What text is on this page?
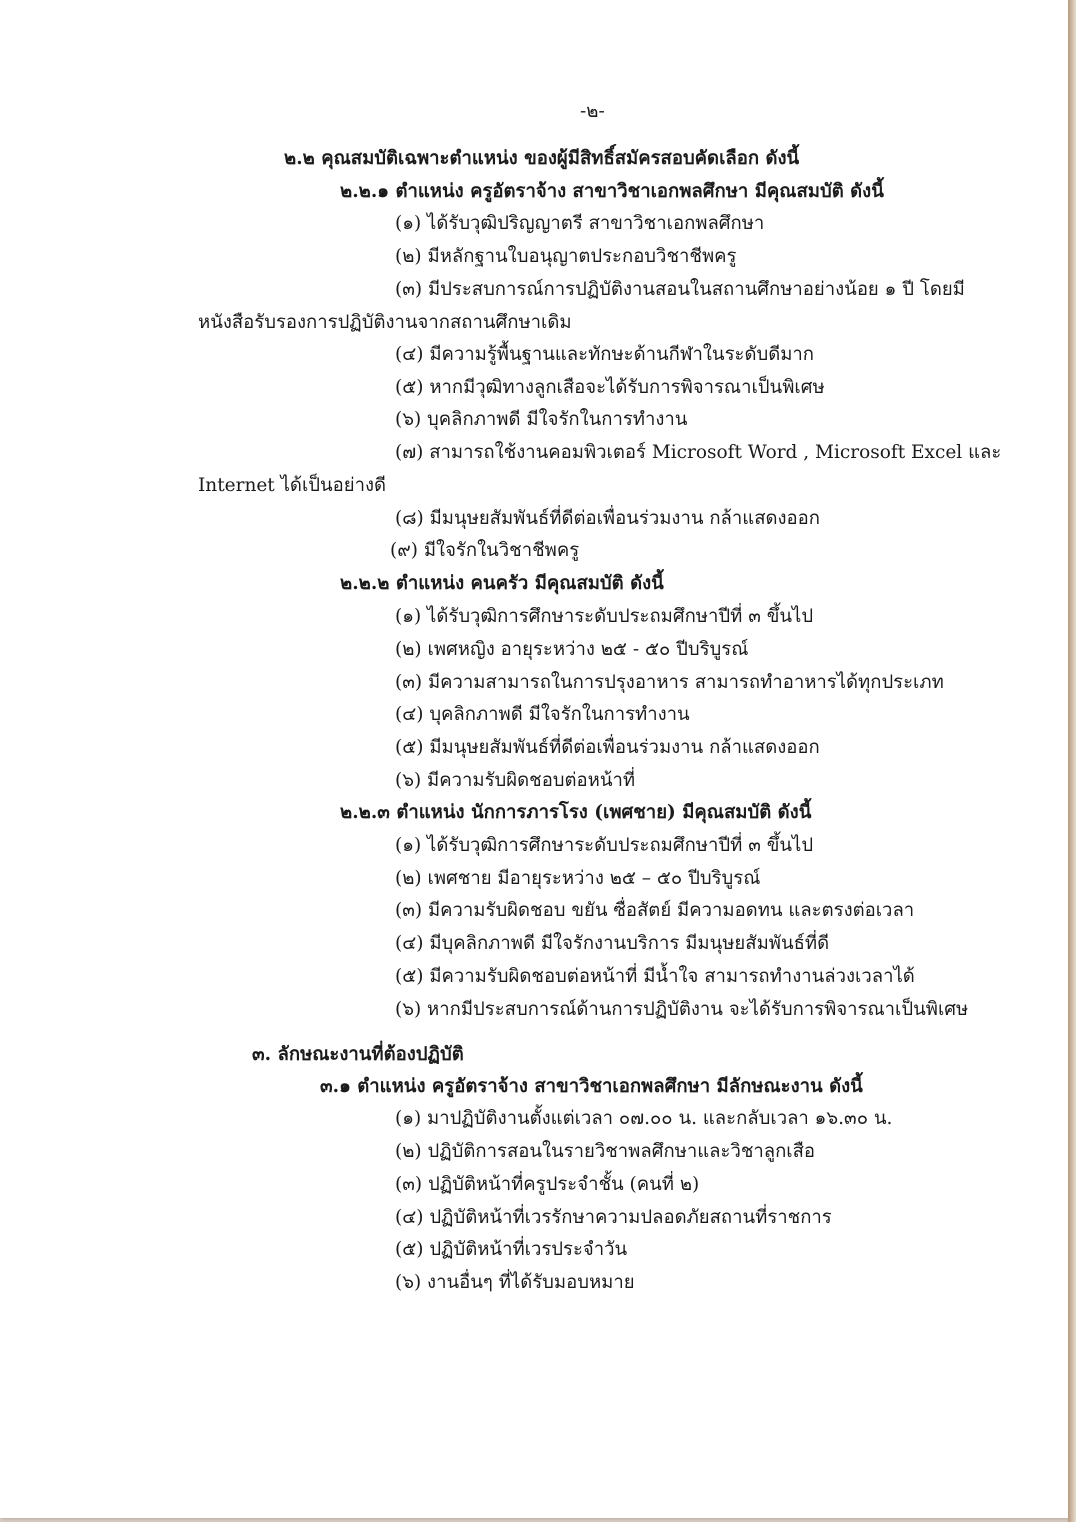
-๒-
๒.๒ คุณสมบัติเฉพาะตำแหน่ง ของผู้มีสิทธิ์สมัครสอบคัดเลือก ดังนี้
๒.๒.๑ ตำแหน่ง ครูอัตราจ้าง สาขาวิชาเอกพลศึกษา มีคุณสมบัติ ดังนี้
(๑) ได้รับวุฒิปริญญาตรี สาขาวิชาเอกพลศึกษา
(๒) มีหลักฐานใบอนุญาตประกอบวิชาชีพครู
(๓) มีประสบการณ์การปฏิบัติงานสอนในสถานศึกษาอย่างน้อย ๑ ปี โดยมี
หนังสือรับรองการปฏิบัติงานจากสถานศึกษาเดิม
(๔) มีความรู้พื้นฐานและทักษะด้านกีฬาในระดับดีมาก
(๕) หากมีวุฒิทางลูกเสือจะได้รับการพิจารณาเป็นพิเศษ
(๖) บุคลิกภาพดี มีใจรักในการทำงาน
(๗) สามารถใช้งานคอมพิวเตอร์ Microsoft Word , Microsoft Excel และ
Internet ได้เป็นอย่างดี
(๘) มีมนุษยสัมพันธ์ที่ดีต่อเพื่อนร่วมงาน กล้าแสดงออก
(๙) มีใจรักในวิชาชีพครู
๒.๒.๒ ตำแหน่ง คนครัว มีคุณสมบัติ ดังนี้
(๑) ได้รับวุฒิการศึกษาระดับประถมศึกษาปีที่ ๓ ขึ้นไป
(๒) เพศหญิง อายุระหว่าง ๒๕ - ๕๐ ปีบริบูรณ์
(๓) มีความสามารถในการปรุงอาหาร สามารถทำอาหารได้ทุกประเภท
(๔) บุคลิกภาพดี มีใจรักในการทำงาน
(๕) มีมนุษยสัมพันธ์ที่ดีต่อเพื่อนร่วมงาน กล้าแสดงออก
(๖) มีความรับผิดชอบต่อหน้าที่
๒.๒.๓ ตำแหน่ง นักการภารโรง (เพศชาย) มีคุณสมบัติ ดังนี้
(๑) ได้รับวุฒิการศึกษาระดับประถมศึกษาปีที่ ๓ ขึ้นไป
(๒) เพศชาย มีอายุระหว่าง ๒๕ – ๕๐ ปีบริบูรณ์
(๓) มีความรับผิดชอบ ขยัน ซื่อสัตย์ มีความอดทน และตรงต่อเวลา
(๔) มีบุคลิกภาพดี มีใจรักงานบริการ มีมนุษยสัมพันธ์ที่ดี
(๕) มีความรับผิดชอบต่อหน้าที่ มีน้ำใจ สามารถทำงานล่วงเวลาได้
(๖) หากมีประสบการณ์ด้านการปฏิบัติงาน จะได้รับการพิจารณาเป็นพิเศษ
๓. ลักษณะงานที่ต้องปฏิบัติ
๓.๑ ตำแหน่ง ครูอัตราจ้าง สาขาวิชาเอกพลศึกษา มีลักษณะงาน ดังนี้
(๑) มาปฏิบัติงานตั้งแต่เวลา ๐๗.๐๐ น. และกลับเวลา ๑๖.๓๐ น.
(๒) ปฏิบัติการสอนในรายวิชาพลศึกษาและวิชาลูกเสือ
(๓) ปฏิบัติหน้าที่ครูประจำชั้น (คนที่ ๒)
(๔) ปฏิบัติหน้าที่เวรรักษาความปลอดภัยสถานที่ราชการ
(๕) ปฏิบัติหน้าที่เวรประจำวัน
(๖) งานอื่นๆ ที่ได้รับมอบหมาย
